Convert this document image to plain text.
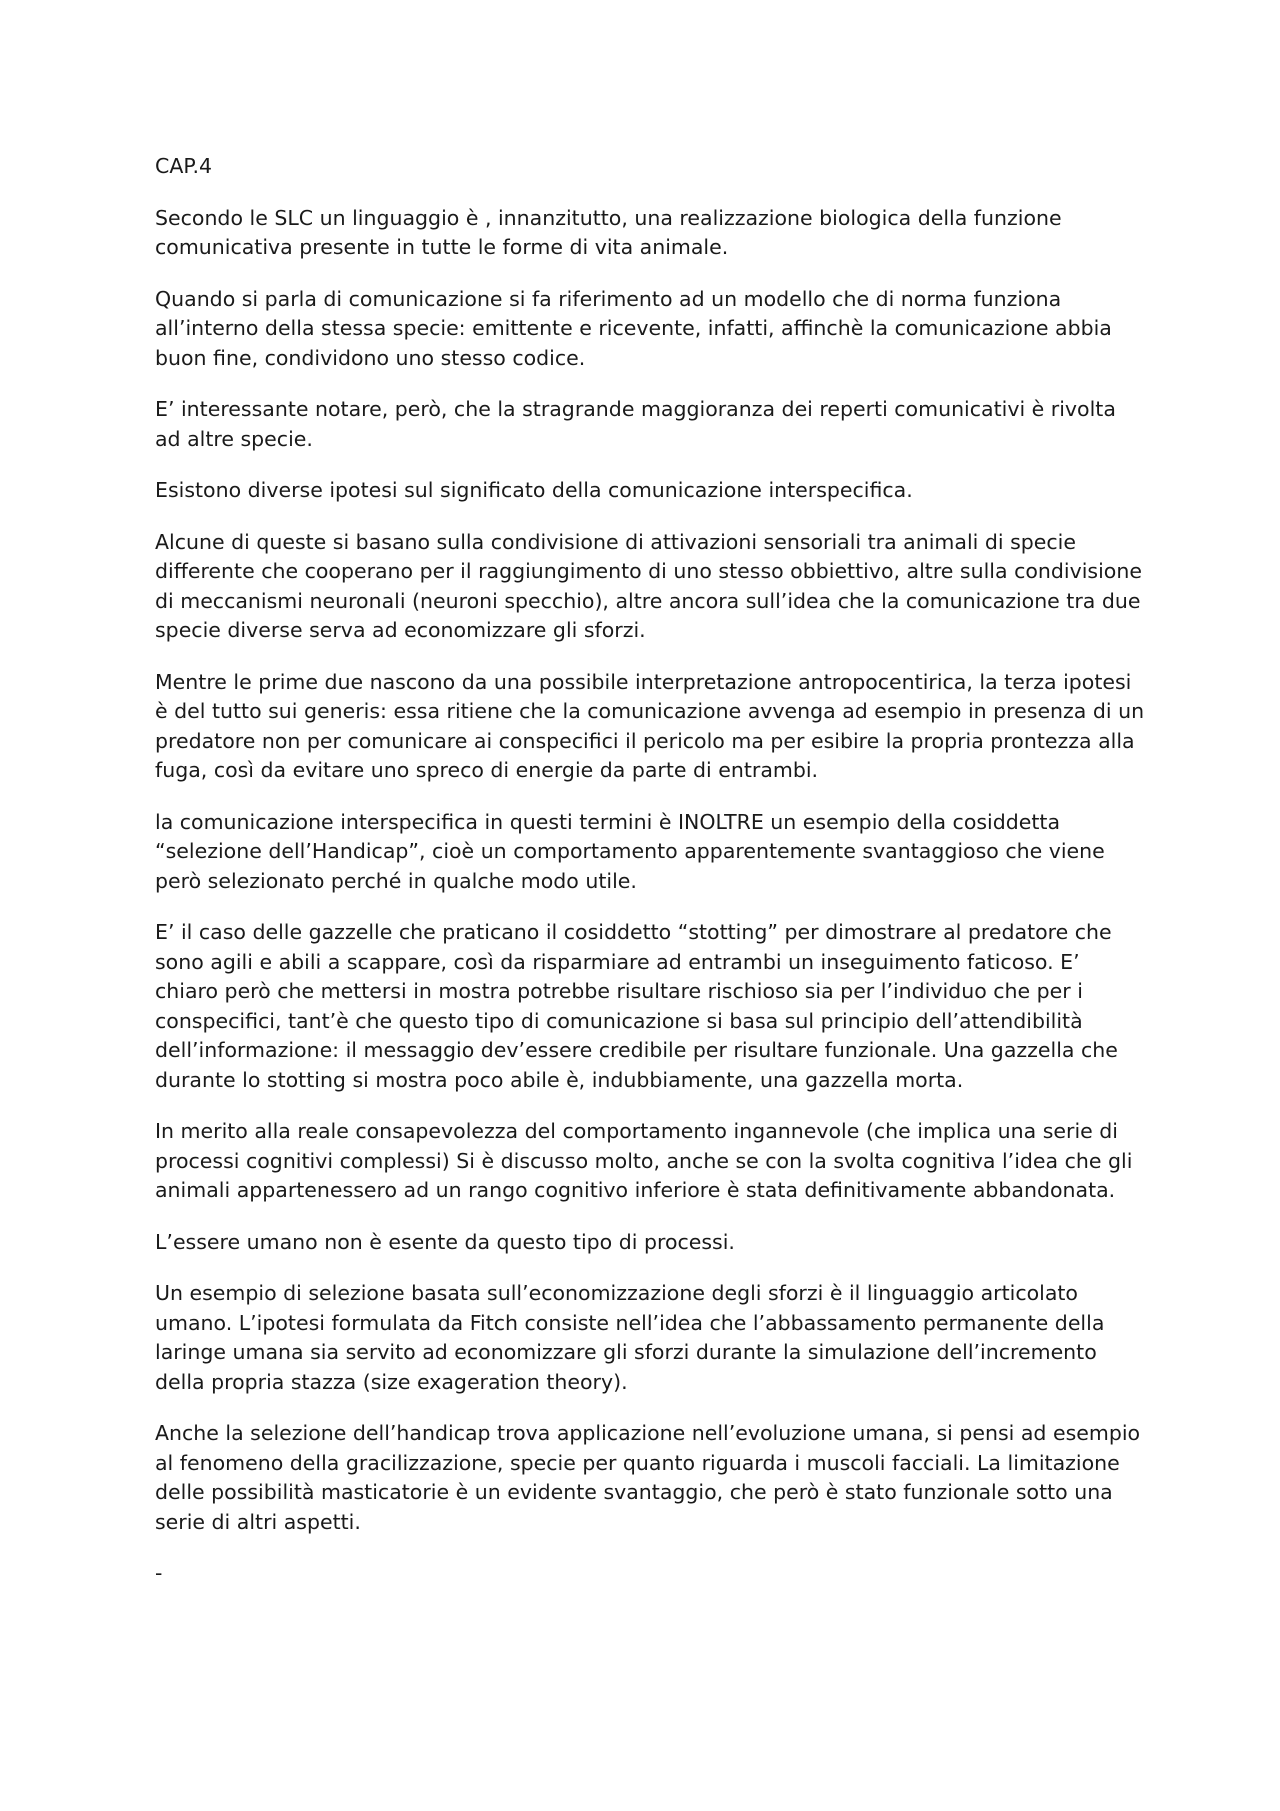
CAP.4

Secondo le SLC un linguaggio è , innanzitutto, una realizzazione biologica della funzione comunicativa presente in tutte le forme di vita animale.

Quando si parla di comunicazione si fa riferimento ad un modello che di norma funziona all’interno della stessa specie: emittente e ricevente, infatti, affinchè la comunicazione abbia buon fine, condividono uno stesso codice.

E’ interessante notare, però, che la stragrande maggioranza dei reperti comunicativi è rivolta ad altre specie.

Esistono diverse ipotesi sul significato della comunicazione interspecifica.

Alcune di queste si basano sulla condivisione di attivazioni sensoriali tra animali di specie differente che cooperano per il raggiungimento di uno stesso obbiettivo, altre sulla condivisione di meccanismi neuronali (neuroni specchio), altre ancora sull’idea che la comunicazione tra due specie diverse serva ad economizzare gli sforzi.

Mentre le prime due nascono da una possibile interpretazione antropocentirica, la terza ipotesi è del tutto sui generis: essa ritiene che la comunicazione avvenga ad esempio in presenza di un predatore non per comunicare ai conspecifici il pericolo ma per esibire la propria prontezza alla fuga, così da evitare uno spreco di energie da parte di entrambi.

la comunicazione interspecifica in questi termini è INOLTRE un esempio della cosiddetta “selezione dell’Handicap”, cioè un comportamento apparentemente svantaggioso che viene però selezionato perché in qualche modo utile.

E’ il caso delle gazzelle che praticano il cosiddetto “stotting” per dimostrare al predatore che sono agili e abili a scappare, così da risparmiare ad entrambi un inseguimento faticoso. E’ chiaro però che mettersi in mostra potrebbe risultare rischioso sia per l’individuo che per i conspecifici, tant’è che questo tipo di comunicazione si basa sul principio dell’attendibilità dell’informazione: il messaggio dev’essere credibile per risultare funzionale. Una gazzella che durante lo stotting si mostra poco abile è, indubbiamente, una gazzella morta.

In merito alla reale consapevolezza del comportamento ingannevole (che implica una serie di processi cognitivi complessi) Si è discusso molto, anche se con la svolta cognitiva l’idea che gli animali appartenessero ad un rango cognitivo inferiore è stata definitivamente abbandonata.

L’essere umano non è esente da questo tipo di processi.

Un esempio di selezione basata sull’economizzazione degli sforzi è il linguaggio articolato umano. L’ipotesi formulata da Fitch consiste nell’idea che l’abbassamento permanente della laringe umana sia servito ad economizzare gli sforzi durante la simulazione dell’incremento della propria stazza (size exageration theory).

Anche la selezione dell’handicap trova applicazione nell’evoluzione umana, si pensi ad esempio al fenomeno della gracilizzazione, specie per quanto riguarda i muscoli facciali. La limitazione delle possibilità masticatorie è un evidente svantaggio, che però è stato funzionale sotto una serie di altri aspetti.

-
